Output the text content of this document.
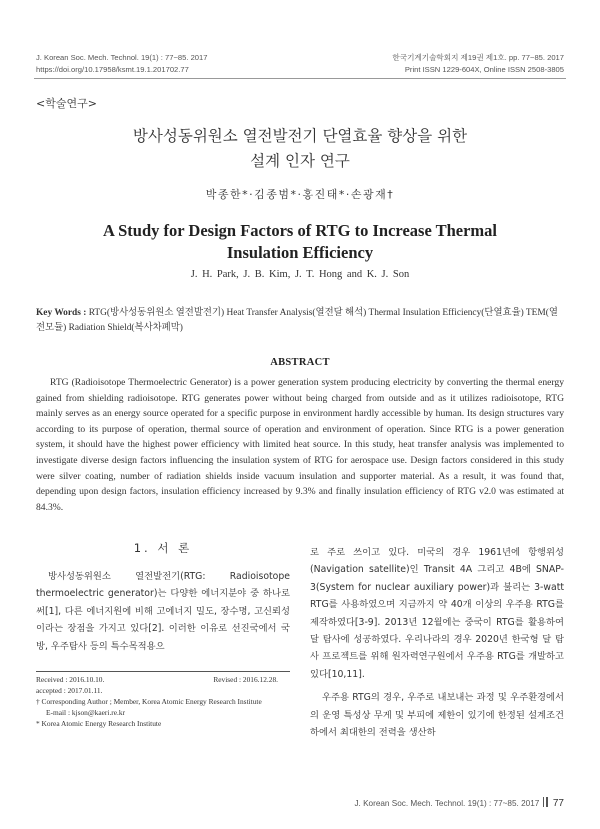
J. Korean Soc. Mech. Technol. 19(1) : 77~85. 2017
https://doi.org/10.17958/ksmt.19.1.201702.77
한국기계기술학회지 제19권 제1호. pp. 77~85. 2017
Print ISSN 1229-604X, Online ISSN 2508-3805
<학술연구>
방사성동위원소 열전발전기 단열효율 향상을 위한
설계 인자 연구
박종한*·김종범*·홍진태*·손광재†
A Study for Design Factors of RTG to Increase Thermal
Insulation Efficiency
J. H. Park, J. B. Kim, J. T. Hong and K. J. Son
Key Words : RTG(방사성동위원소 열전발전기) Heat Transfer Analysis(열전달 해석) Thermal Insulation Efficiency(단열효율) TEM(열전모듈) Radiation Shield(복사차폐막)
ABSTRACT

RTG (Radioisotope Thermoelectric Generator) is a power generation system producing electricity by converting the thermal energy gained from shielding radioisotope. RTG generates power without being charged from outside and as it utilizes radioisotope, RTG mainly serves as an energy source operated for a specific purpose in environment hardly accessible by human. Its design structures vary according to its purpose of operation, thermal source of operation and environment of operation. Since RTG is a power generation system, it should have the highest power efficiency with limited heat source. In this study, heat transfer analysis was implemented to investigate diverse design factors influencing the insulation system of RTG for aerospace use. Design factors considered in this study were silver coating, number of radiation shields inside vacuum insulation and supporter material. As a result, it was found that, depending upon design factors, insulation efficiency increased by 9.3% and finally insulation efficiency of RTG v2.0 was estimated at 84.3%.

1. 서 론

방사성동위원소 열전발전기(RTG: Radioisotope thermoelectric generator)는 다양한 에너지분야 중 하나로써[1], 다른 에너지원에 비해 고에너지 밀도, 장수명, 고신뢰성이라는 장점을 가지고 있다[2]. 이러한 이유로 선진국에서 국방, 우주탐사 등의 특수목적용으

로 주로 쓰이고 있다. 미국의 경우 1961년에 항행위성(Navigation satellite)인 Transit 4A 그리고 4B에 SNAP-3(System for nuclear auxiliary power)과 불리는 3-watt RTG를 사용하였으며 지금까지 약 40개 이상의 우주용 RTG를 제작하였다[3-9]. 2013년 12월에는 중국이 RTG를 활용하여 달 탐사에 성공하였다. 우리나라의 경우 2020년 한국형 달 탐사 프로젝트를 위해 원자력연구원에서 우주용 RTG를 개발하고 있다[10,11].

우주용 RTG의 경우, 우주로 내보내는 과정 및 우주환경에서의 운영 특성상 무게 및 부피에 제한이 있기에 한정된 설계조건하에서 최대한의 전력을 생산하

Received : 2016.10.10.	Revised : 2016.12.28.
accepted : 2017.01.11.
† Corresponding Author ; Member, Korea Atomic Energy Research Institute
E-mail : kjson@kaeri.re.kr
* Korea Atomic Energy Research Institute
J. Korean Soc. Mech. Technol. 19(1) : 77~85. 2017 77
